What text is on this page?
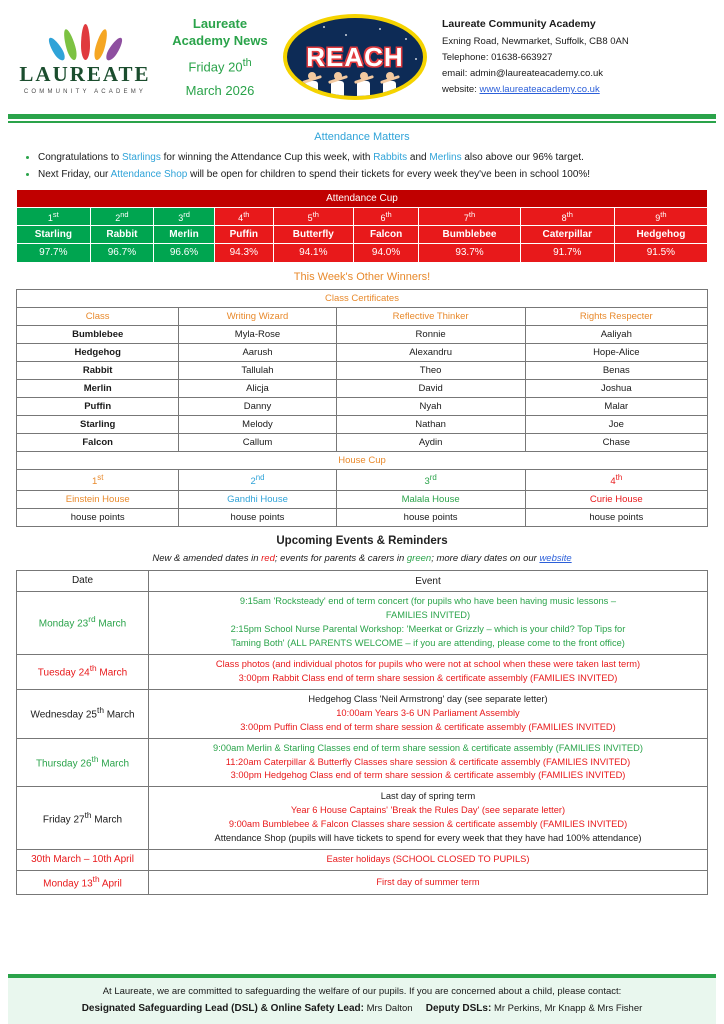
LAUREATE
COMMUNITY ACADEMY
Laureate
Academy News
Friday 20th
March 2026
REACH
Laureate Community Academy
Exning Road, Newmarket, Suffolk, CB8 0AN
Telephone: 01638-663927
email: admin@laureateacademy.co.uk
website: www.laureateacademy.co.uk
Attendance Matters
• Congratulations to Starlings for winning the Attendance Cup this week, with Rabbits and Merlins also above our 96% target.
• Next Friday, our Attendance Shop will be open for children to spend their tickets for every week they've been in school 100%!
Attendance Cup								
1st	2nd	3rd	4th	5th	6th	7th	8th	9th
Starling	Rabbit	Merlin	Puffin	Butterfly	Falcon	Bumblebee	Caterpillar	Hedgehog
97.7%	96.7%	96.6%	94.3%	94.1%	94.0%	93.7%	91.7%	91.5%
This Week's Other Winners!
Class Certificates			
Class	Writing Wizard	Reflective Thinker	Rights Respecter
Bumblebee	Myla-Rose	Ronnie	Aaliyah
Hedgehog	Aarush	Alexandru	Hope-Alice
Rabbit	Tallulah	Theo	Benas
Merlin	Alicja	David	Joshua
Puffin	Danny	Nyah	Malar
Starling	Melody	Nathan	Joe
Falcon	Callum	Aydin	Chase
House Cup			
1st	2nd	3rd	4th
Einstein House	Gandhi House	Malala House	Curie House
house points	house points	house points	house points
Upcoming Events & Reminders
New & amended dates in red; events for parents & carers in green; more diary dates on our website
Date	Event
Monday 23rd March	9:15am 'Rocksteady' end of term concert (for pupils who have been having music lessons –
FAMILIES INVITED)
2:15pm School Nurse Parental Workshop: 'Meerkat or Grizzly – which is your child? Top Tips for
Taming Both' (ALL PARENTS WELCOME – if you are attending, please come to the front office)

Tuesday 24th March	Class photos (and individual photos for pupils who were not at school when these were taken last term)
3:00pm Rabbit Class end of term share session & certificate assembly (FAMILIES INVITED)

Wednesday 25th March	Hedgehog Class 'Neil Armstrong' day (see separate letter)
10:00am Years 3-6 UN Parliament Assembly
3:00pm Puffin Class end of term share session & certificate assembly (FAMILIES INVITED)

Thursday 26th March	9:00am Merlin & Starling Classes end of term share session & certificate assembly (FAMILIES INVITED)
11:20am Caterpillar & Butterfly Classes share session & certificate assembly (FAMILIES INVITED)
3:00pm Hedgehog Class end of term share session & certificate assembly (FAMILIES INVITED)

Friday 27th March	Last day of spring term
Year 6 House Captains' 'Break the Rules Day' (see separate letter)
9:00am Bumblebee & Falcon Classes share session & certificate assembly (FAMILIES INVITED)
Attendance Shop (pupils will have tickets to spend for every week that they have had 100% attendance)

30th March – 10th April	Easter holidays (SCHOOL CLOSED TO PUPILS)

Monday 13th April	First day of summer term
At Laureate, we are committed to safeguarding the welfare of our pupils. If you are concerned about a child, please contact:
Designated Safeguarding Lead (DSL) & Online Safety Lead: Mrs Dalton Deputy DSLs: Mr Perkins, Mr Knapp & Mrs Fisher
